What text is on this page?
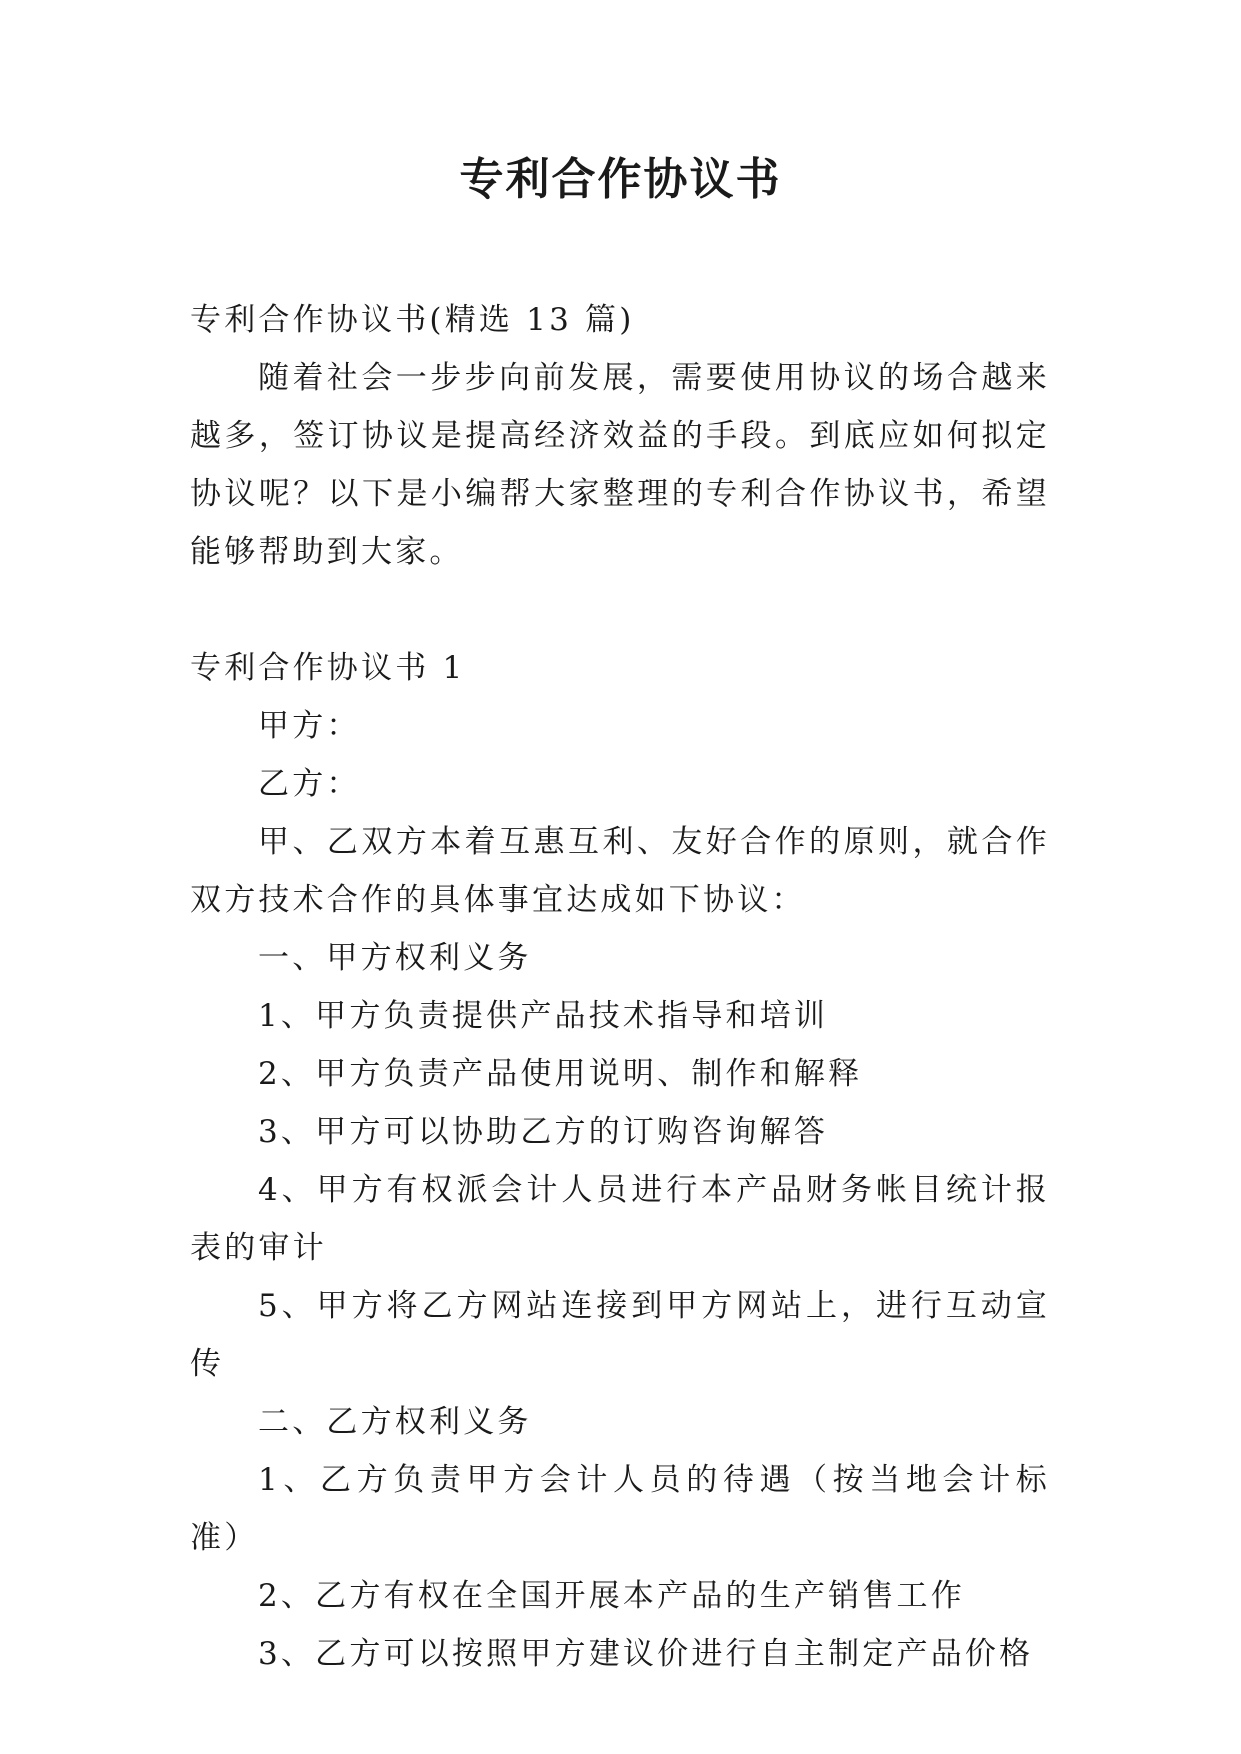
专利合作协议书

专利合作协议书(精选 13 篇)

随着社会一步步向前发展，需要使用协议的场合越来越多，签订协议是提高经济效益的手段。到底应如何拟定协议呢？以下是小编帮大家整理的专利合作协议书，希望能够帮助到大家。

专利合作协议书 1

甲方：

乙方：

甲、乙双方本着互惠互利、友好合作的原则，就合作双方技术合作的具体事宜达成如下协议：

一、甲方权利义务

1、甲方负责提供产品技术指导和培训

2、甲方负责产品使用说明、制作和解释

3、甲方可以协助乙方的订购咨询解答

4、甲方有权派会计人员进行本产品财务帐目统计报表的审计

5、甲方将乙方网站连接到甲方网站上，进行互动宣传

二、乙方权利义务

1、乙方负责甲方会计人员的待遇（按当地会计标准）

2、乙方有权在全国开展本产品的生产销售工作

3、乙方可以按照甲方建议价进行自主制定产品价格
